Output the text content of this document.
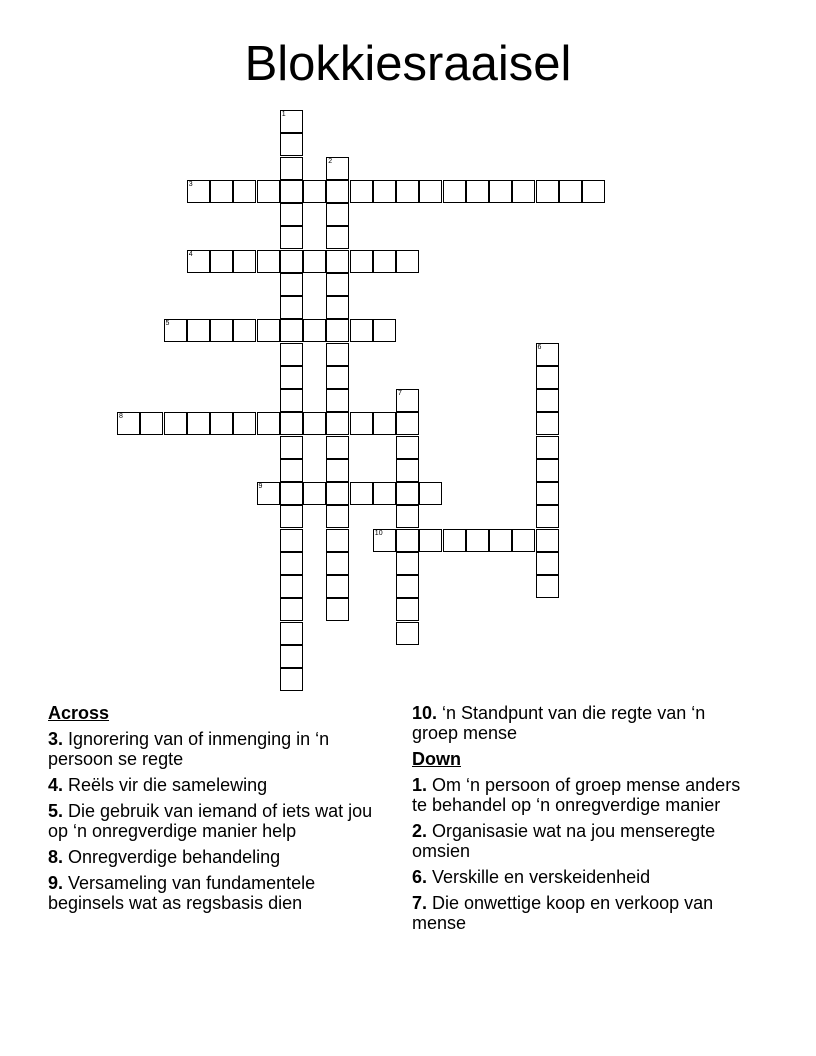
Blokkiesraaisel
1
2
3
4
5
6
7
8
9
10
Across
3. Ignorering van of inmenging in ‘n persoon se regte
4. Reëls vir die samelewing
5. Die gebruik van iemand of iets wat jou op ‘n onregverdige manier help
8. Onregverdige behandeling
9. Versameling van fundamentele beginsels wat as regsbasis dien
10. ‘n Standpunt van die regte van ‘n groep mense
Down
1. Om ‘n persoon of groep mense anders te behandel op ‘n onregverdige manier
2. Organisasie wat na jou menseregte omsien
6. Verskille en verskeidenheid
7. Die onwettige koop en verkoop van mense
